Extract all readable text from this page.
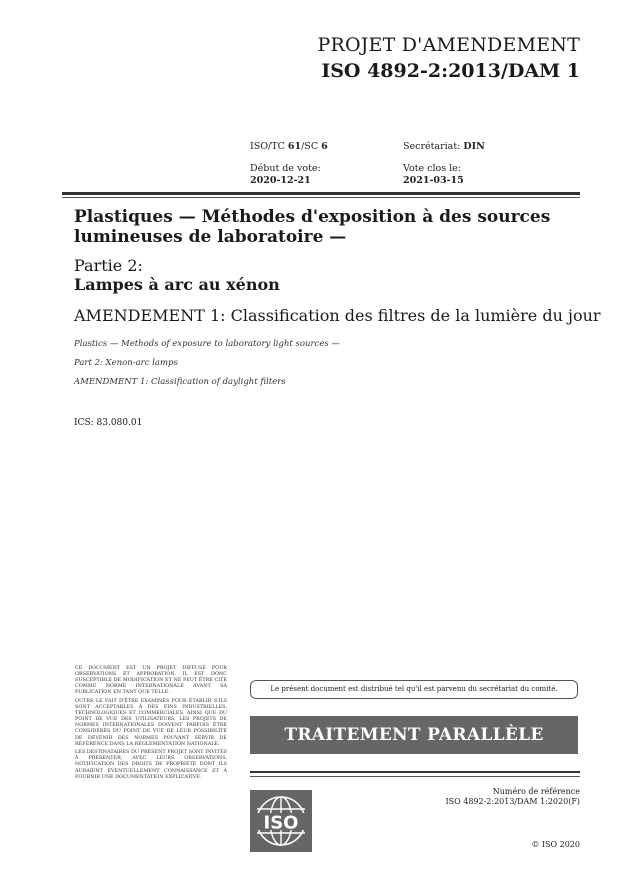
PROJET D'AMENDEMENT
ISO 4892-2:2013/DAM 1
ISO/TC 61/SC 6	Secrétariat: DIN
Début de vote:
2020-12-21
Vote clos le:
2021-03-15
Plastiques — Méthodes d'exposition à des sources lumineuses de laboratoire —
Partie 2:
Lampes à arc au xénon
AMENDEMENT 1: Classification des filtres de la lumière du jour
Plastics — Methods of exposure to laboratory light sources —
Part 2: Xenon-arc lamps
AMENDMENT 1: Classification of daylight filters
ICS: 83.080.01

CE DOCUMENT EST UN PROJET DIFFUSÉ POUR OBSERVATIONS ET APPROBATION. IL EST DONC SUSCEPTIBLE DE MODIFICATION ET NE PEUT ÊTRE CITÉ COMME NORME INTERNATIONALE AVANT SA PUBLICATION EN TANT QUE TELLE.

OUTRE LE FAIT D'ÊTRE EXAMINÉS POUR ÉTABLIR S'ILS SONT ACCEPTABLES À DES FINS INDUSTRIELLES, TECHNOLOGIQUES ET COMMERCIALES, AINSI QUE DU POINT DE VUE DES UTILISATEURS, LES PROJETS DE NORMES INTERNATIONALES DOIVENT PARFOIS ÊTRE CONSIDÉRÉS DU POINT DE VUE DE LEUR POSSIBILITÉ DE DEVENIR DES NORMES POUVANT SERVIR DE RÉFÉRENCE DANS LA RÉGLEMENTATION NATIONALE.

LES DESTINATAIRES DU PRÉSENT PROJET SONT INVITÉS À PRÉSENTER, AVEC LEURS OBSERVATIONS, NOTIFICATION DES DROITS DE PROPRIÉTÉ DONT ILS AURAIENT ÉVENTUELLEMENT CONNAISSANCE ET À FOURNIR UNE DOCUMENTATION EXPLICATIVE.

Le présent document est distribué tel qu'il est parvenu du secrétariat du comité.
TRAITEMENT PARALLÈLE ISO/CEN
ISO
Numéro de référence
ISO 4892-2:2013/DAM 1:2020(F)
© ISO 2020
